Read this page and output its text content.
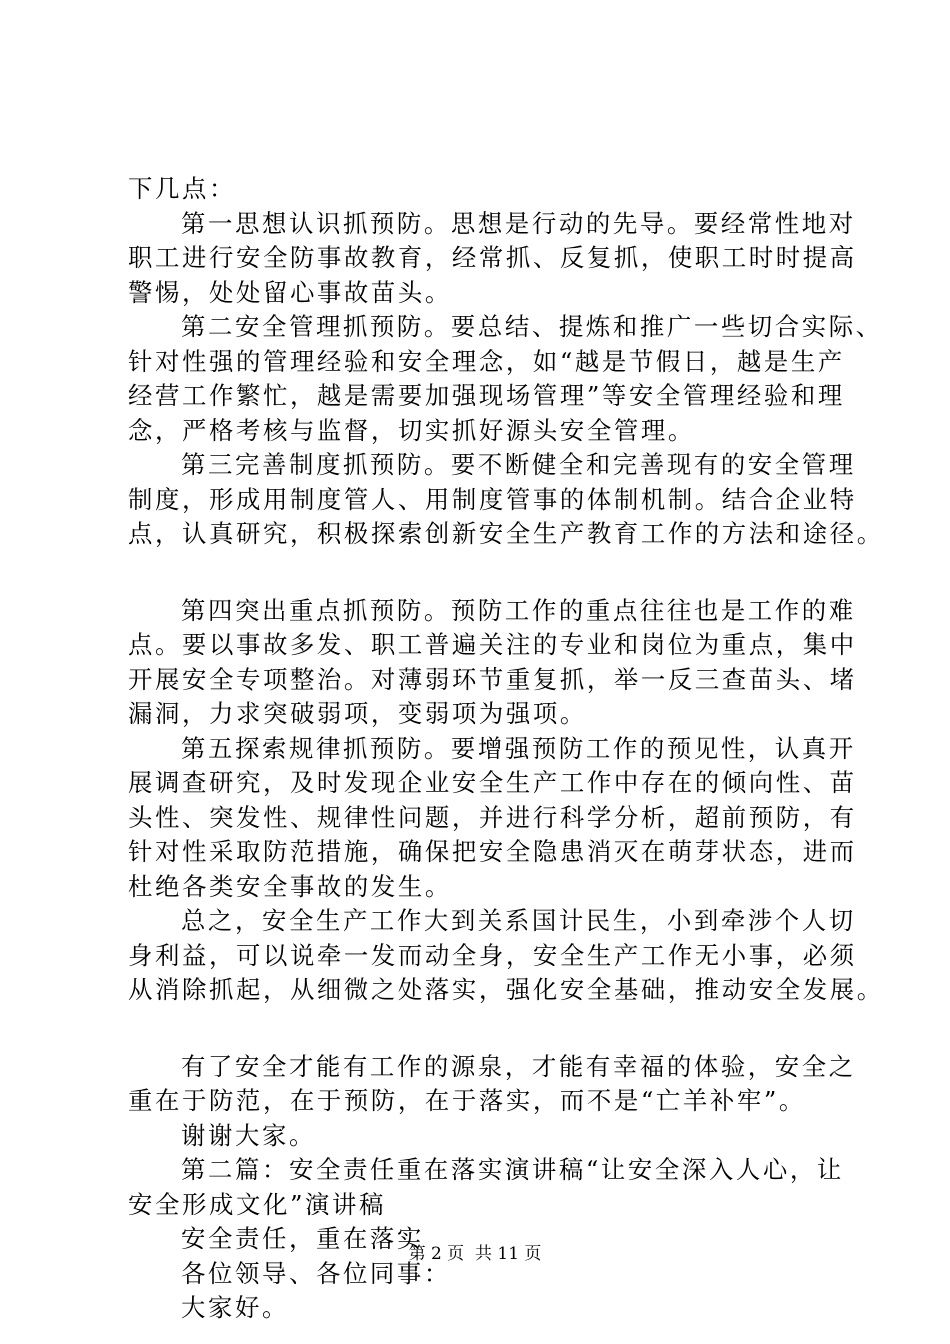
下几点：
第一思想认识抓预防。思想是行动的先导。要经常性地对
职工进行安全防事故教育，经常抓、反复抓，使职工时时提高
警惕，处处留心事故苗头。
第二安全管理抓预防。要总结、提炼和推广一些切合实际、
针对性强的管理经验和安全理念，如“越是节假日，越是生产
经营工作繁忙，越是需要加强现场管理”等安全管理经验和理
念，严格考核与监督，切实抓好源头安全管理。
第三完善制度抓预防。要不断健全和完善现有的安全管理
制度，形成用制度管人、用制度管事的体制机制。结合企业特
点，认真研究，积极探索创新安全生产教育工作的方法和途径。
第四突出重点抓预防。预防工作的重点往往也是工作的难
点。要以事故多发、职工普遍关注的专业和岗位为重点，集中
开展安全专项整治。对薄弱环节重复抓，举一反三查苗头、堵
漏洞，力求突破弱项，变弱项为强项。
第五探索规律抓预防。要增强预防工作的预见性，认真开
展调查研究，及时发现企业安全生产工作中存在的倾向性、苗
头性、突发性、规律性问题，并进行科学分析，超前预防，有
针对性采取防范措施，确保把安全隐患消灭在萌芽状态，进而
杜绝各类安全事故的发生。
总之，安全生产工作大到关系国计民生，小到牵涉个人切
身利益，可以说牵一发而动全身，安全生产工作无小事，必须
从消除抓起，从细微之处落实，强化安全基础，推动安全发展。
有了安全才能有工作的源泉，才能有幸福的体验，安全之
重在于防范，在于预防，在于落实，而不是“亡羊补牢”。
谢谢大家。
第二篇：安全责任重在落实演讲稿“让安全深入人心，让
安全形成文化”演讲稿
安全责任，重在落实
各位领导、各位同事：
大家好。
第 2 页  共 11 页
